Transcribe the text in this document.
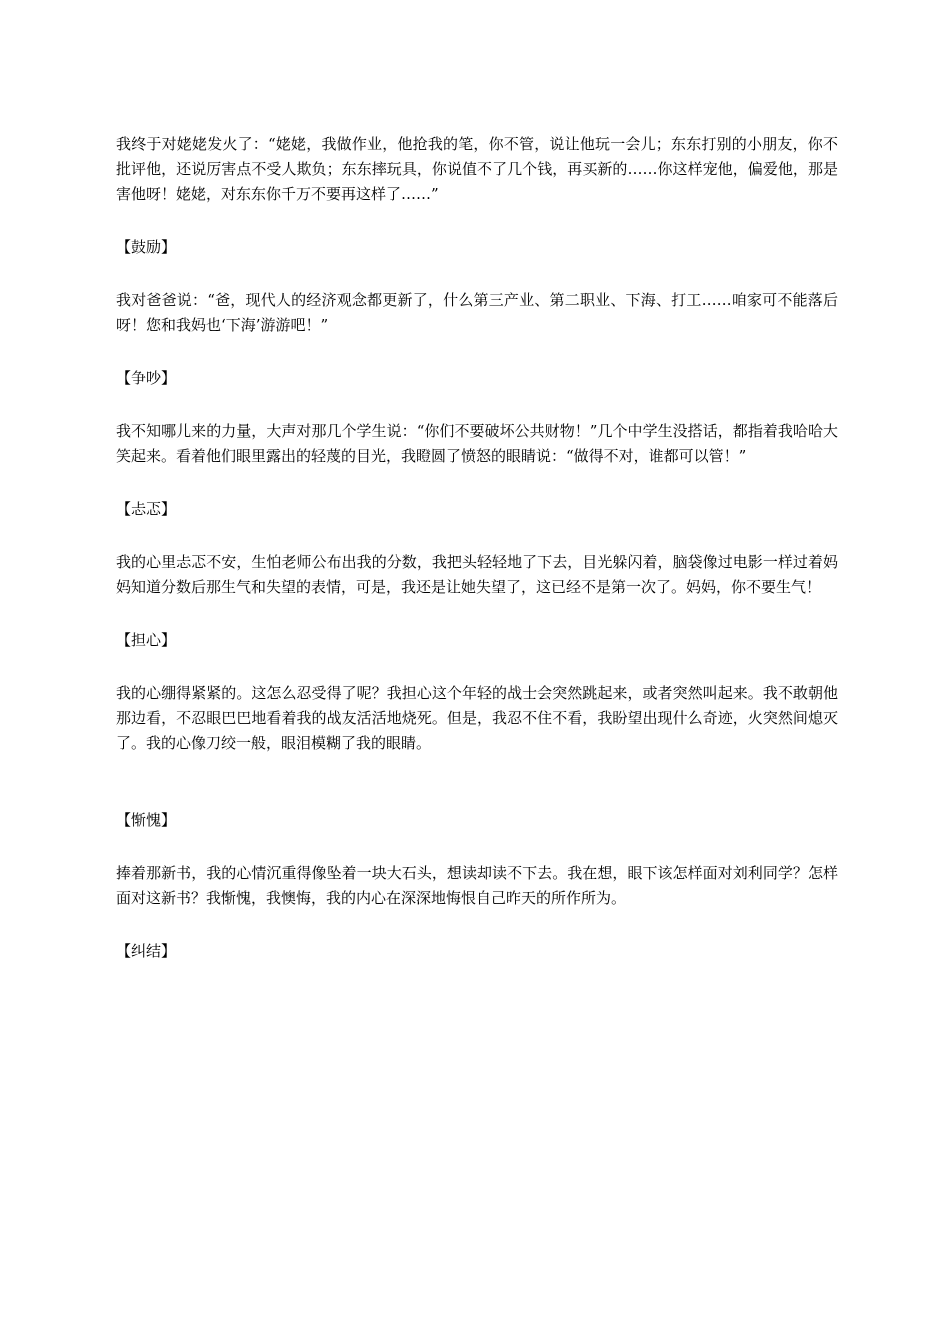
我终于对姥姥发火了：“姥姥，我做作业，他抢我的笔，你不管，说让他玩一会儿；东东打别的小朋友，你不批评他，还说厉害点不受人欺负；东东摔玩具，你说值不了几个钱，再买新的……你这样宠他，偏爱他，那是害他呀！姥姥，对东东你千万不要再这样了……”

【鼓励】

我对爸爸说：“爸，现代人的经济观念都更新了，什么第三产业、第二职业、下海、打工……咱家可不能落后呀！您和我妈也‘下海’游游吧！”

【争吵】

我不知哪儿来的力量，大声对那几个学生说：“你们不要破坏公共财物！”几个中学生没搭话，都指着我哈哈大笑起来。看着他们眼里露出的轻蔑的目光，我瞪圆了愤怒的眼睛说：“做得不对，谁都可以管！”

【忐忑】

我的心里忐忑不安，生怕老师公布出我的分数，我把头轻轻地了下去，目光躲闪着，脑袋像过电影一样过着妈妈知道分数后那生气和失望的表情，可是，我还是让她失望了，这已经不是第一次了。妈妈，你不要生气！

【担心】

我的心绷得紧紧的。这怎么忍受得了呢？我担心这个年轻的战士会突然跳起来，或者突然叫起来。我不敢朝他那边看，不忍眼巴巴地看着我的战友活活地烧死。但是，我忍不住不看，我盼望出现什么奇迹，火突然间熄灭了。我的心像刀绞一般，眼泪模糊了我的眼睛。

【惭愧】

捧着那新书，我的心情沉重得像坠着一块大石头，想读却读不下去。我在想，眼下该怎样面对刘利同学？怎样面对这新书？我惭愧，我懊悔，我的内心在深深地悔恨自己昨天的所作所为。

【纠结】
